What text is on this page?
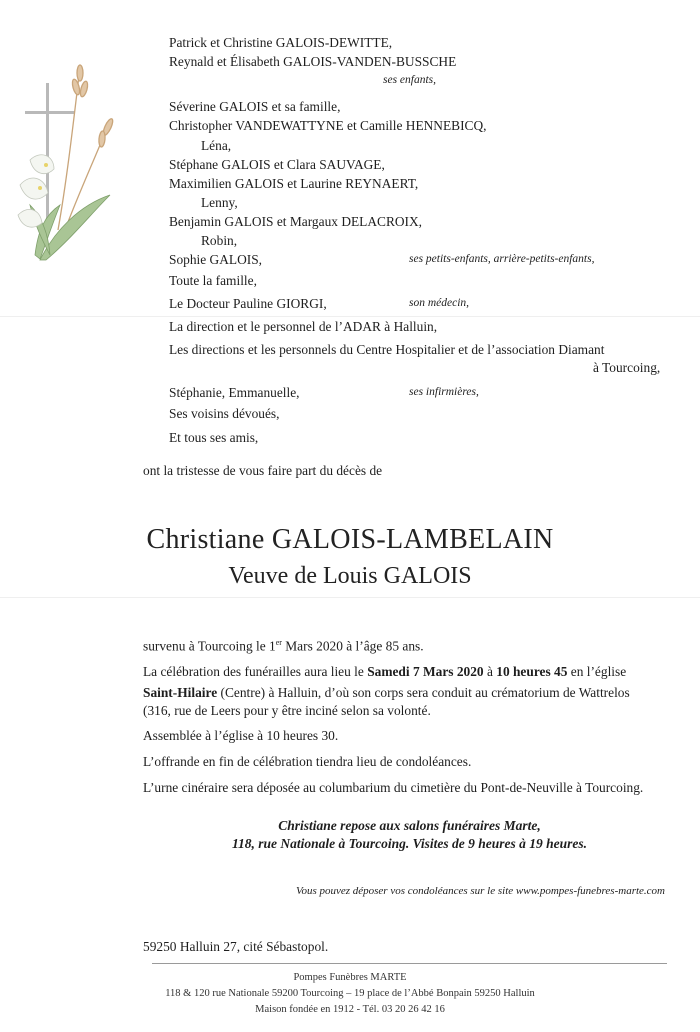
Patrick et Christine GALOIS-DEWITTE,
Reynald et Élisabeth GALOIS-VANDEN-BUSSCHE
ses enfants,
Séverine GALOIS et sa famille,
Christopher VANDEWATTYNE et Camille HENNEBICQ,
Léna,
Stéphane GALOIS et Clara SAUVAGE,
Maximilien GALOIS et Laurine REYNAERT,
Lenny,
Benjamin GALOIS et Margaux DELACROIX,
Robin,
Sophie GALOIS,	ses petits-enfants, arrière-petits-enfants,
Toute la famille,
Le Docteur Pauline GIORGI,	son médecin,
La direction et le personnel de l’ADAR à Halluin,
Les directions et les personnels du Centre Hospitalier et de l’association Diamant
à Tourcoing,
Stéphanie, Emmanuelle,	ses infirmières,
Ses voisins dévoués,
Et tous ses amis,
ont la tristesse de vous faire part du décès de
Christiane GALOIS-LAMBELAIN
Veuve de Louis GALOIS
survenu à Tourcoing le 1er Mars 2020 à l’âge 85 ans.
La célébration des funérailles aura lieu le Samedi 7 Mars 2020 à 10 heures 45 en l’église
Saint-Hilaire (Centre) à Halluin, d’où son corps sera conduit au crématorium de Wattrelos
(316, rue de Leers pour y être inciné selon sa volonté.
Assemblée à l’église à 10 heures 30.
L’offrande en fin de célébration tiendra lieu de condoléances.
L’urne cinéraire sera déposée au columbarium du cimetière du Pont-de-Neuville à Tourcoing.
Christiane repose aux salons funéraires Marte,
118, rue Nationale à Tourcoing. Visites de 9 heures à 19 heures.
Vous pouvez déposer vos condoléances sur le site www.pompes-funebres-marte.com
59250 Halluin 27, cité Sébastopol.
Pompes Funèbres MARTE
118 & 120 rue Nationale 59200 Tourcoing – 19 place de l’Abbé Bonpain 59250 Halluin
Maison fondée en 1912 - Tél. 03 20 26 42 16
